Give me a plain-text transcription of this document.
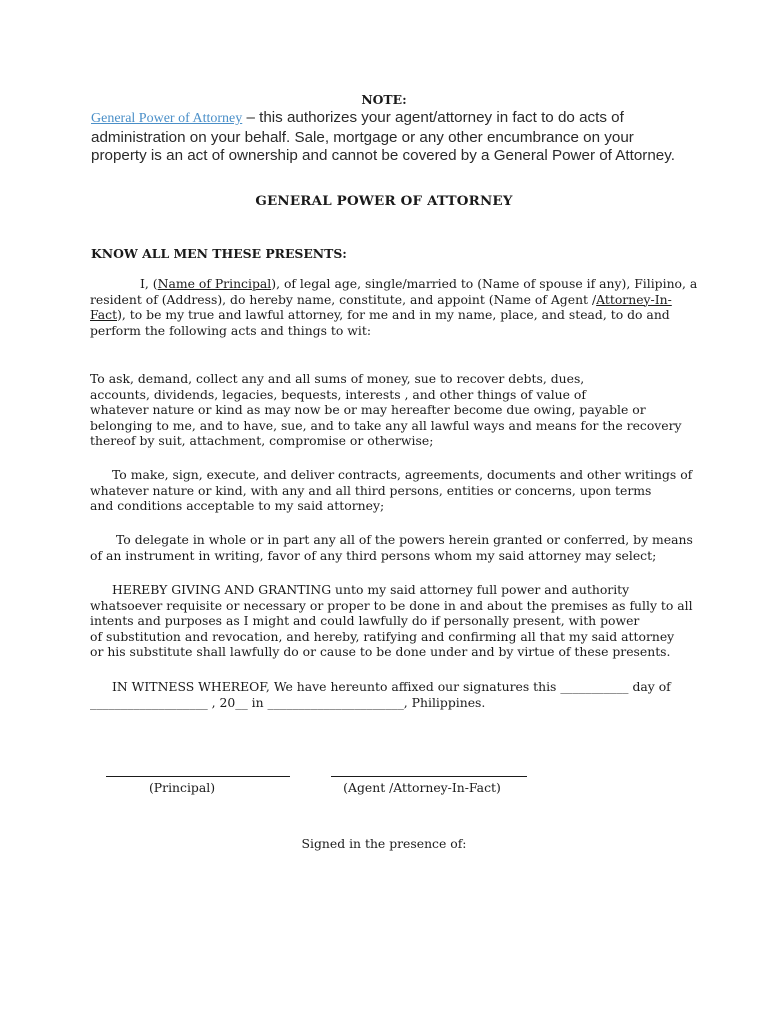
NOTE:
General Power of Attorney – this authorizes your agent/attorney in fact to do acts of
administration on your behalf. Sale, mortgage or any other encumbrance on your
property is an act of ownership and cannot be covered by a General Power of Attorney.
GENERAL POWER OF ATTORNEY
KNOW ALL MEN THESE PRESENTS:
I, (Name of Principal), of legal age, single/married to (Name of spouse if any), Filipino, a
resident of (Address), do hereby name, constitute, and appoint (Name of Agent /Attorney-In-
Fact), to be my true and lawful attorney, for me and in my name, place, and stead, to do and
perform the following acts and things to wit:
To ask, demand, collect any and all sums of money, sue to recover debts, dues,
accounts, dividends, legacies, bequests, interests , and other things of value of
whatever nature or kind as may now be or may hereafter become due owing, payable or
belonging to me, and to have, sue, and to take any all lawful ways and means for the recovery
thereof by suit, attachment, compromise or otherwise;
To make, sign, execute, and deliver contracts, agreements, documents and other writings of
whatever nature or kind, with any and all third persons, entities or concerns, upon terms
and conditions acceptable to my said attorney;
To delegate in whole or in part any all of the powers herein granted or conferred, by means
of an instrument in writing, favor of any third persons whom my said attorney may select;
HEREBY GIVING AND GRANTING unto my said attorney full power and authority
whatsoever requisite or necessary or proper to be done in and about the premises as fully to all
intents and purposes as I might and could lawfully do if personally present, with power
of substitution and revocation, and hereby, ratifying and confirming all that my said attorney
or his substitute shall lawfully do or cause to be done under and by virtue of these presents.
IN WITNESS WHEREOF, We have hereunto affixed our signatures this ___________ day of
___________________ , 20__ in ______________________, Philippines.
(Principal)	(Agent /Attorney-In-Fact)
Signed in the presence of:
